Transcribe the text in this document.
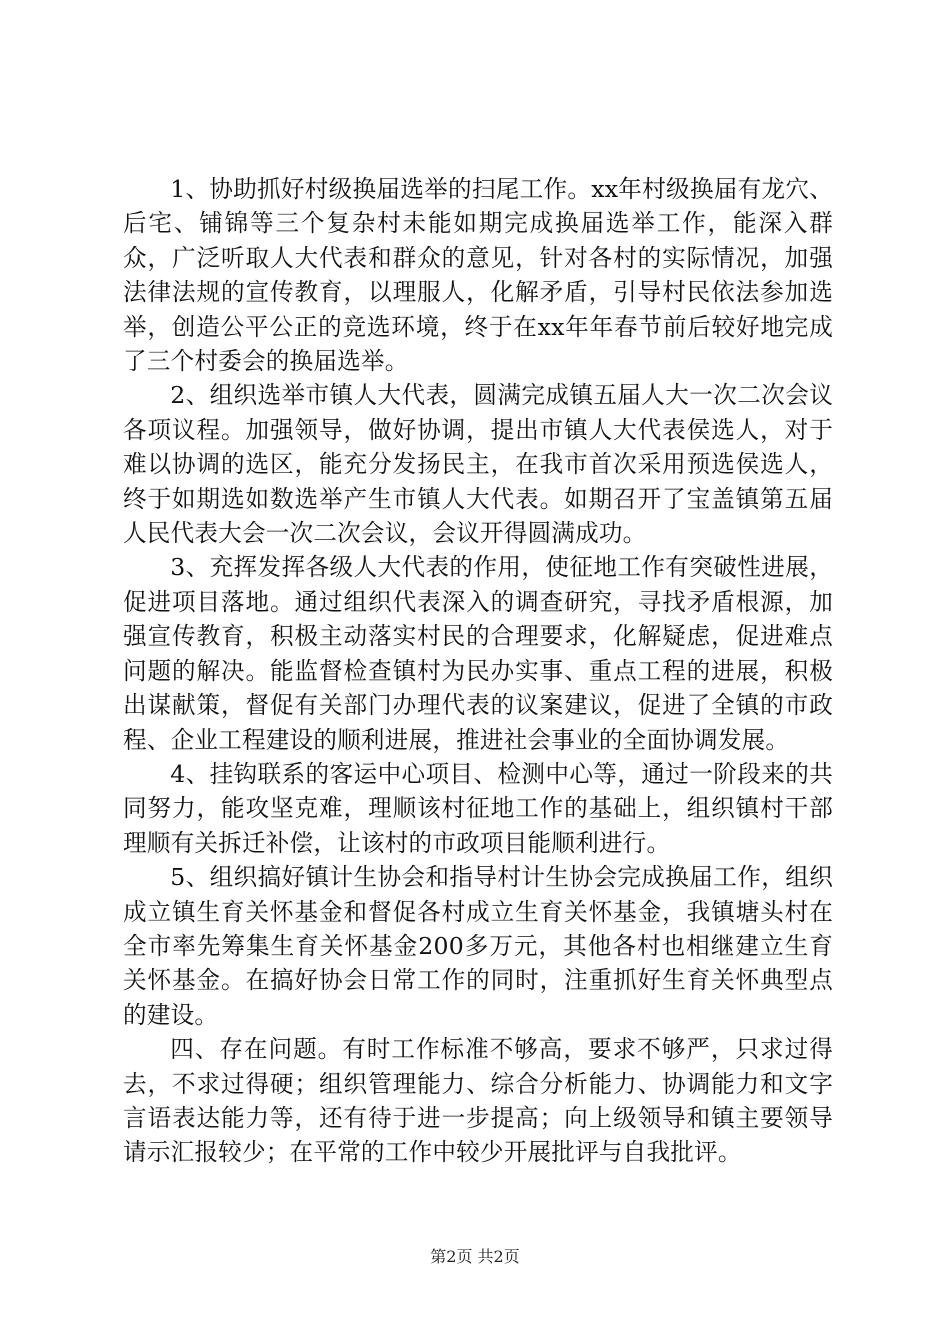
1、协助抓好村级换届选举的扫尾工作。xx年村级换届有龙穴、后宅、铺锦等三个复杂村未能如期完成换届选举工作，能深入群众，广泛听取人大代表和群众的意见，针对各村的实际情况，加强法律法规的宣传教育，以理服人，化解矛盾，引导村民依法参加选举，创造公平公正的竞选环境，终于在xx年年春节前后较好地完成了三个村委会的换届选举。

2、组织选举市镇人大代表，圆满完成镇五届人大一次二次会议各项议程。加强领导，做好协调，提出市镇人大代表侯选人，对于难以协调的选区，能充分发扬民主，在我市首次采用预选侯选人，终于如期选如数选举产生市镇人大代表。如期召开了宝盖镇第五届人民代表大会一次二次会议，会议开得圆满成功。

3、充挥发挥各级人大代表的作用，使征地工作有突破性进展，促进项目落地。通过组织代表深入的调查研究，寻找矛盾根源，加强宣传教育，积极主动落实村民的合理要求，化解疑虑，促进难点问题的解决。能监督检查镇村为民办实事、重点工程的进展，积极出谋献策，督促有关部门办理代表的议案建议，促进了全镇的市政程、企业工程建设的顺利进展，推进社会事业的全面协调发展。

4、挂钩联系的客运中心项目、检测中心等，通过一阶段来的共同努力，能攻坚克难，理顺该村征地工作的基础上，组织镇村干部理顺有关拆迁补偿，让该村的市政项目能顺利进行。

5、组织搞好镇计生协会和指导村计生协会完成换届工作，组织成立镇生育关怀基金和督促各村成立生育关怀基金，我镇塘头村在全市率先筹集生育关怀基金200多万元，其他各村也相继建立生育关怀基金。在搞好协会日常工作的同时，注重抓好生育关怀典型点的建设。

四、存在问题。有时工作标准不够高，要求不够严，只求过得去，不求过得硬；组织管理能力、综合分析能力、协调能力和文字言语表达能力等，还有待于进一步提高；向上级领导和镇主要领导请示汇报较少；在平常的工作中较少开展批评与自我批评。

第2页 共2页
